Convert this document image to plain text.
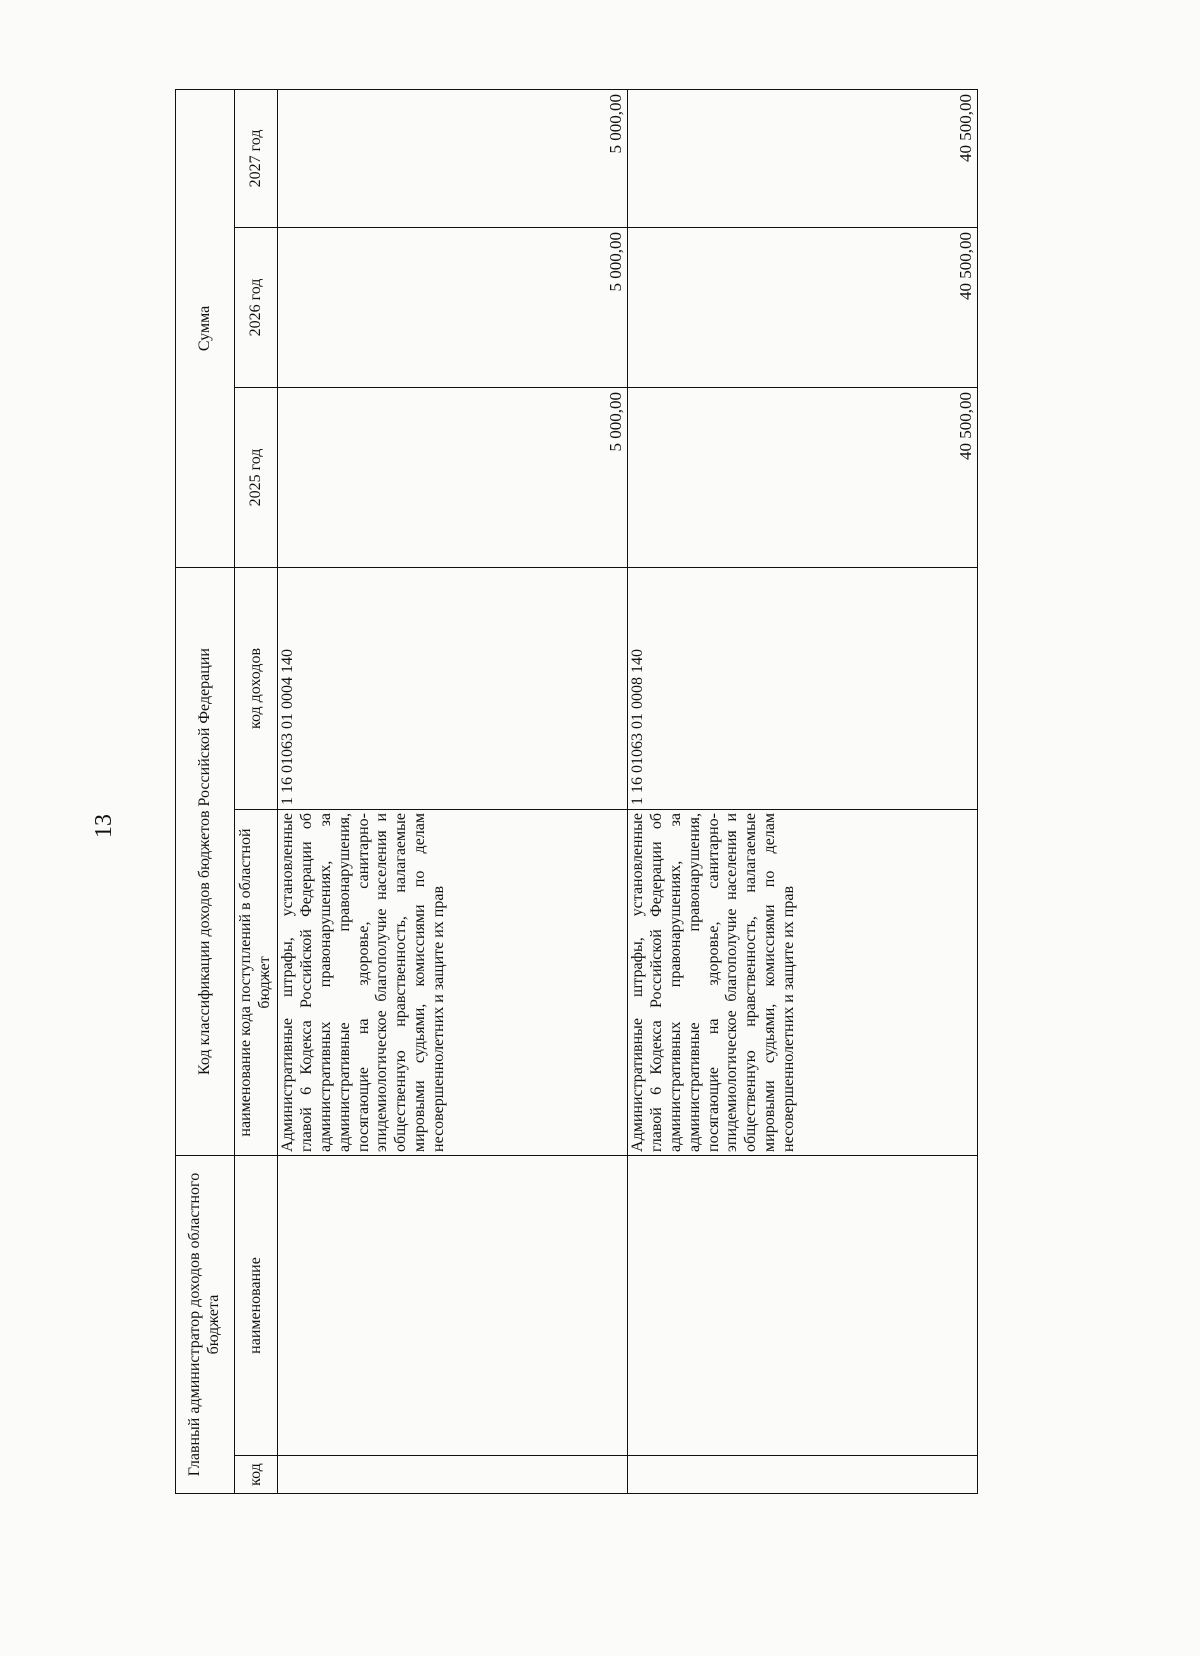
13
Главный администратор доходов областного бюджета		Код классификации доходов бюджетов Российской Федерации		Сумма		
код	наименование	наименование кода поступлений в областной бюджет	код доходов	2025 год	2026 год	2027 год
		Административные штрафы, установленные главой 6 Кодекса Российской Федерации об административных правонарушениях, за административные правонарушения, посягающие на здоровье, санитарно-эпидемиологическое благополучие населения и общественную нравственность, налагаемые мировыми судьями, комиссиями по делам несовершеннолетних и защите их прав	1 16 01063 01 0004 140	5 000,00	5 000,00	5 000,00
		Административные штрафы, установленные главой 6 Кодекса Российской Федерации об административных правонарушениях, за административные правонарушения, посягающие на здоровье, санитарно-эпидемиологическое благополучие населения и общественную нравственность, налагаемые мировыми судьями, комиссиями по делам несовершеннолетних и защите их прав	1 16 01063 01 0008 140	40 500,00	40 500,00	40 500,00
